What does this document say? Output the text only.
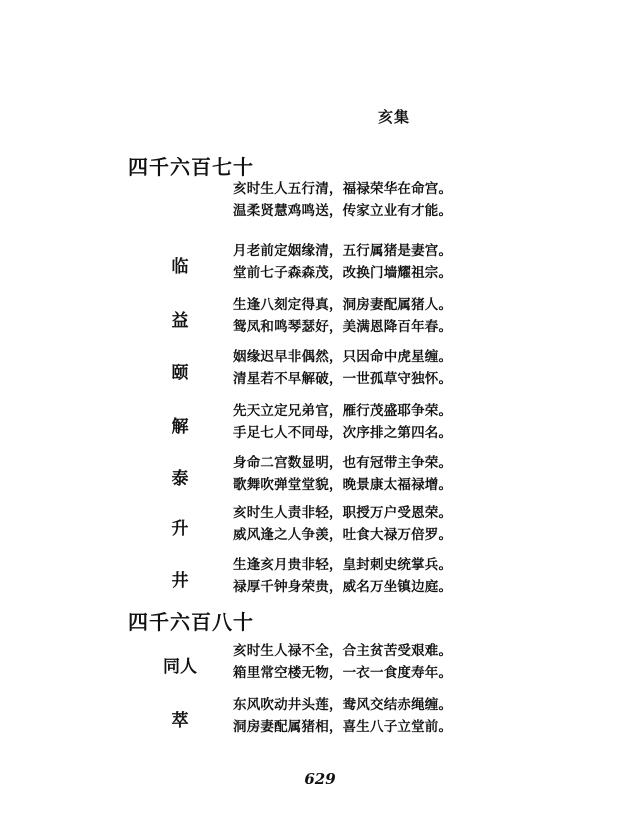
亥集
四千六百七十
亥时生人五行清，福禄荣华在命宫。
温柔贤慧鸡鸣送，传家立业有才能。
临
月老前定姻缘清，五行属猪是妻宫。
堂前七子森森茂，改换门墙耀祖宗。
益
生逢八刻定得真，洞房妻配属猪人。
鸳凤和鸣琴瑟好，美满恩降百年春。
颐
姻缘迟早非偶然，只因命中虎星缠。
清星若不早解破，一世孤草守独怀。
解
先天立定兄弟官，雁行茂盛耶争荣。
手足七人不同母，次序排之第四名。
泰
身命二宫数显明，也有冠带主争荣。
歌舞吹弹堂堂貌，晚景康太福禄增。
升
亥时生人责非轻，职授万户受恩荣。
威风逢之人争羡，吐食大禄万倍罗。
井
生逢亥月贵非轻，皇封刺史统掌兵。
禄厚千钟身荣贵，威名万坐镇边庭。
四千六百八十
同人
亥时生人禄不全，合主贫苦受艰难。
箱里常空楼无物，一衣一食度寿年。
萃
东风吹动井头莲，鸯风交结赤绳缠。
洞房妻配属猪相，喜生八子立堂前。
629
